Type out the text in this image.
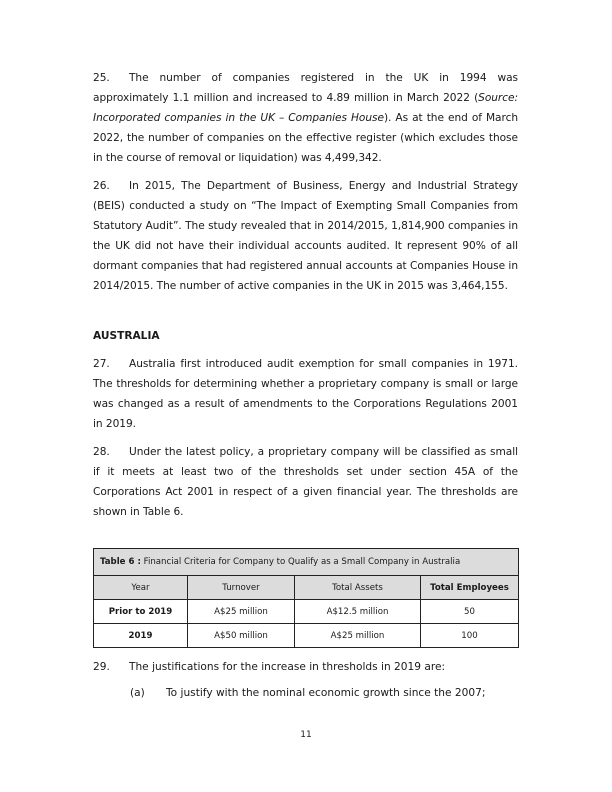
25. The number of companies registered in the UK in 1994 was approximately 1.1 million and increased to 4.89 million in March 2022 (Source: Incorporated companies in the UK – Companies House). As at the end of March 2022, the number of companies on the effective register (which excludes those in the course of removal or liquidation) was 4,499,342.

26. In 2015, The Department of Business, Energy and Industrial Strategy (BEIS) conducted a study on “The Impact of Exempting Small Companies from Statutory Audit”. The study revealed that in 2014/2015, 1,814,900 companies in the UK did not have their individual accounts audited. It represent 90% of all dormant companies that had registered annual accounts at Companies House in 2014/2015. The number of active companies in the UK in 2015 was 3,464,155.

AUSTRALIA

27. Australia first introduced audit exemption for small companies in 1971. The thresholds for determining whether a proprietary company is small or large was changed as a result of amendments to the Corporations Regulations 2001 in 2019.

28. Under the latest policy, a proprietary company will be classified as small if it meets at least two of the thresholds set under section 45A of the Corporations Act 2001 in respect of a given financial year. The thresholds are shown in Table 6.

Table 6 : Financial Criteria for Company to Qualify as a Small Company in Australia			
Year	Turnover	Total Assets	Total Employees
Prior to 2019	A$25 million	A$12.5 million	50
2019	A$50 million	A$25 million	100
29. The justifications for the increase in thresholds in 2019 are:
(a) To justify with the nominal economic growth since the 2007;
11
